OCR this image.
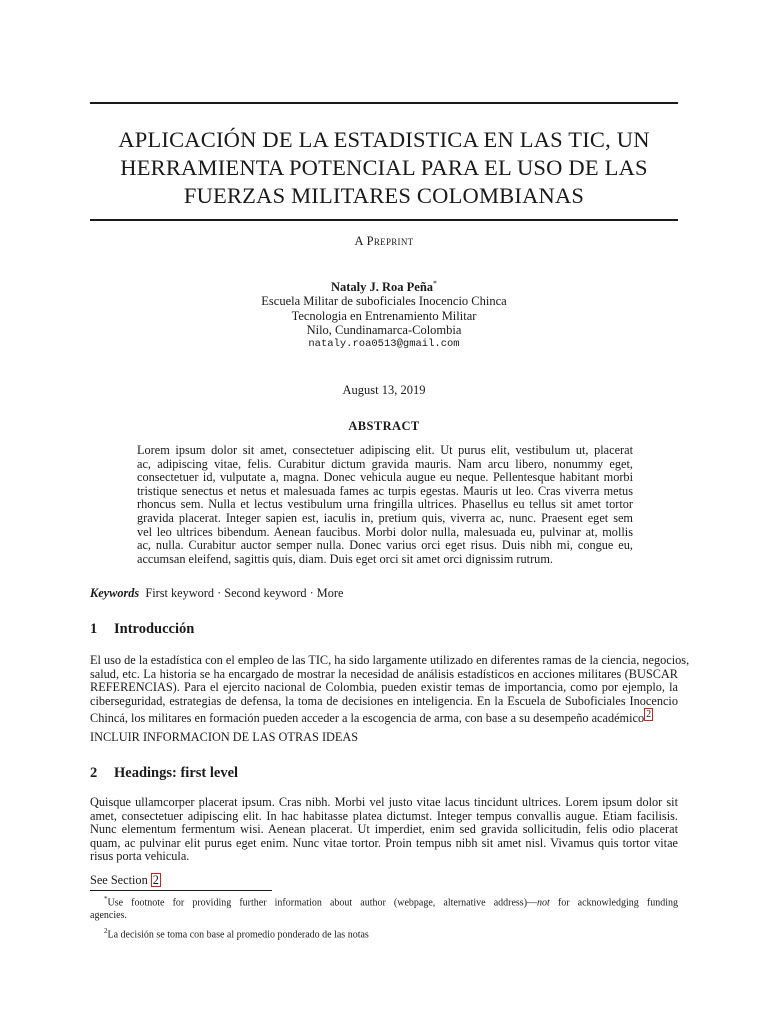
APLICACIÓN DE LA ESTADISTICA EN LAS TIC, UN
HERRAMIENTA POTENCIAL PARA EL USO DE LAS
FUERZAS MILITARES COLOMBIANAS
A Preprint
Nataly J. Roa Peña*
Escuela Militar de suboficiales Inocencio Chinca
Tecnologia en Entrenamiento Militar
Nilo, Cundinamarca-Colombia
nataly.roa0513@gmail.com
August 13, 2019
ABSTRACT
Lorem ipsum dolor sit amet, consectetuer adipiscing elit. Ut purus elit, vestibulum ut, placerat
ac, adipiscing vitae, felis. Curabitur dictum gravida mauris. Nam arcu libero, nonummy eget,
consectetuer id, vulputate a, magna. Donec vehicula augue eu neque. Pellentesque habitant morbi
tristique senectus et netus et malesuada fames ac turpis egestas. Mauris ut leo. Cras viverra metus
rhoncus sem. Nulla et lectus vestibulum urna fringilla ultrices. Phasellus eu tellus sit amet tortor
gravida placerat. Integer sapien est, iaculis in, pretium quis, viverra ac, nunc. Praesent eget sem
vel leo ultrices bibendum. Aenean faucibus. Morbi dolor nulla, malesuada eu, pulvinar at, mollis
ac, nulla. Curabitur auctor semper nulla. Donec varius orci eget risus. Duis nibh mi, congue eu,
accumsan eleifend, sagittis quis, diam. Duis eget orci sit amet orci dignissim rutrum.
Keywords First keyword · Second keyword · More
1 Introducción
El uso de la estadística con el empleo de las TIC, ha sido largamente utilizado en diferentes ramas de la ciencia, negocios,
salud, etc. La historia se ha encargado de mostrar la necesidad de análisis estadísticos en acciones militares (BUSCAR
REFERENCIAS). Para el ejercito nacional de Colombia, pueden existir temas de importancia, como por ejemplo, la
ciberseguridad, estrategias de defensa, la toma de decisiones en inteligencia. En la Escuela de Suboficiales Inocencio
Chincá, los militares en formación pueden acceder a la escogencia de arma, con base a su desempeño académico 2
INCLUIR INFORMACION DE LAS OTRAS IDEAS
2 Headings: first level
Quisque ullamcorper placerat ipsum. Cras nibh. Morbi vel justo vitae lacus tincidunt ultrices. Lorem ipsum dolor sit
amet, consectetuer adipiscing elit. In hac habitasse platea dictumst. Integer tempus convallis augue. Etiam facilisis.
Nunc elementum fermentum wisi. Aenean placerat. Ut imperdiet, enim sed gravida sollicitudin, felis odio placerat
quam, ac pulvinar elit purus eget enim. Nunc vitae tortor. Proin tempus nibh sit amet nisl. Vivamus quis tortor vitae
risus porta vehicula.
See Section 2
*Use footnote for providing further information about author (webpage, alternative address)—not for acknowledging funding
agencies.
$^2$La decisión se toma con base al promedio ponderado de las notas
